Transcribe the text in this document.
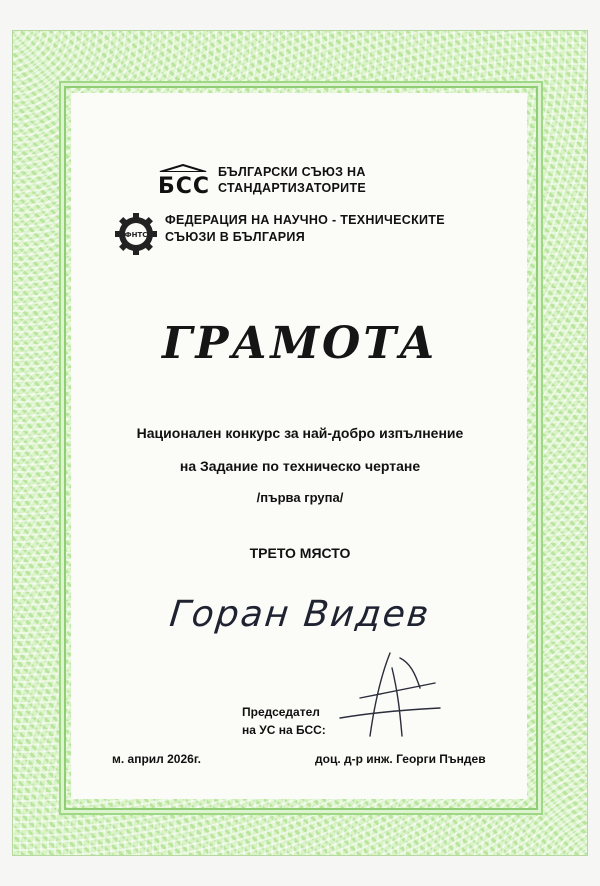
БСС
БЪЛГАРСКИ СЪЮЗ НА
СТАНДАРТИЗАТОРИТЕ
ФНТС
ФЕДЕРАЦИЯ НА НАУЧНО - ТЕХНИЧЕСКИТЕ
СЪЮЗИ В БЪЛГАРИЯ
ГРАМОТА
Национален конкурс за най-добро изпълнение
на Задание по техническо чертане
/първа група/
ТРЕТО МЯСТО
Горан Видев
Председател
на УС на БСС:
м. април 2026г.	доц. д-р инж. Георги Пъндев
